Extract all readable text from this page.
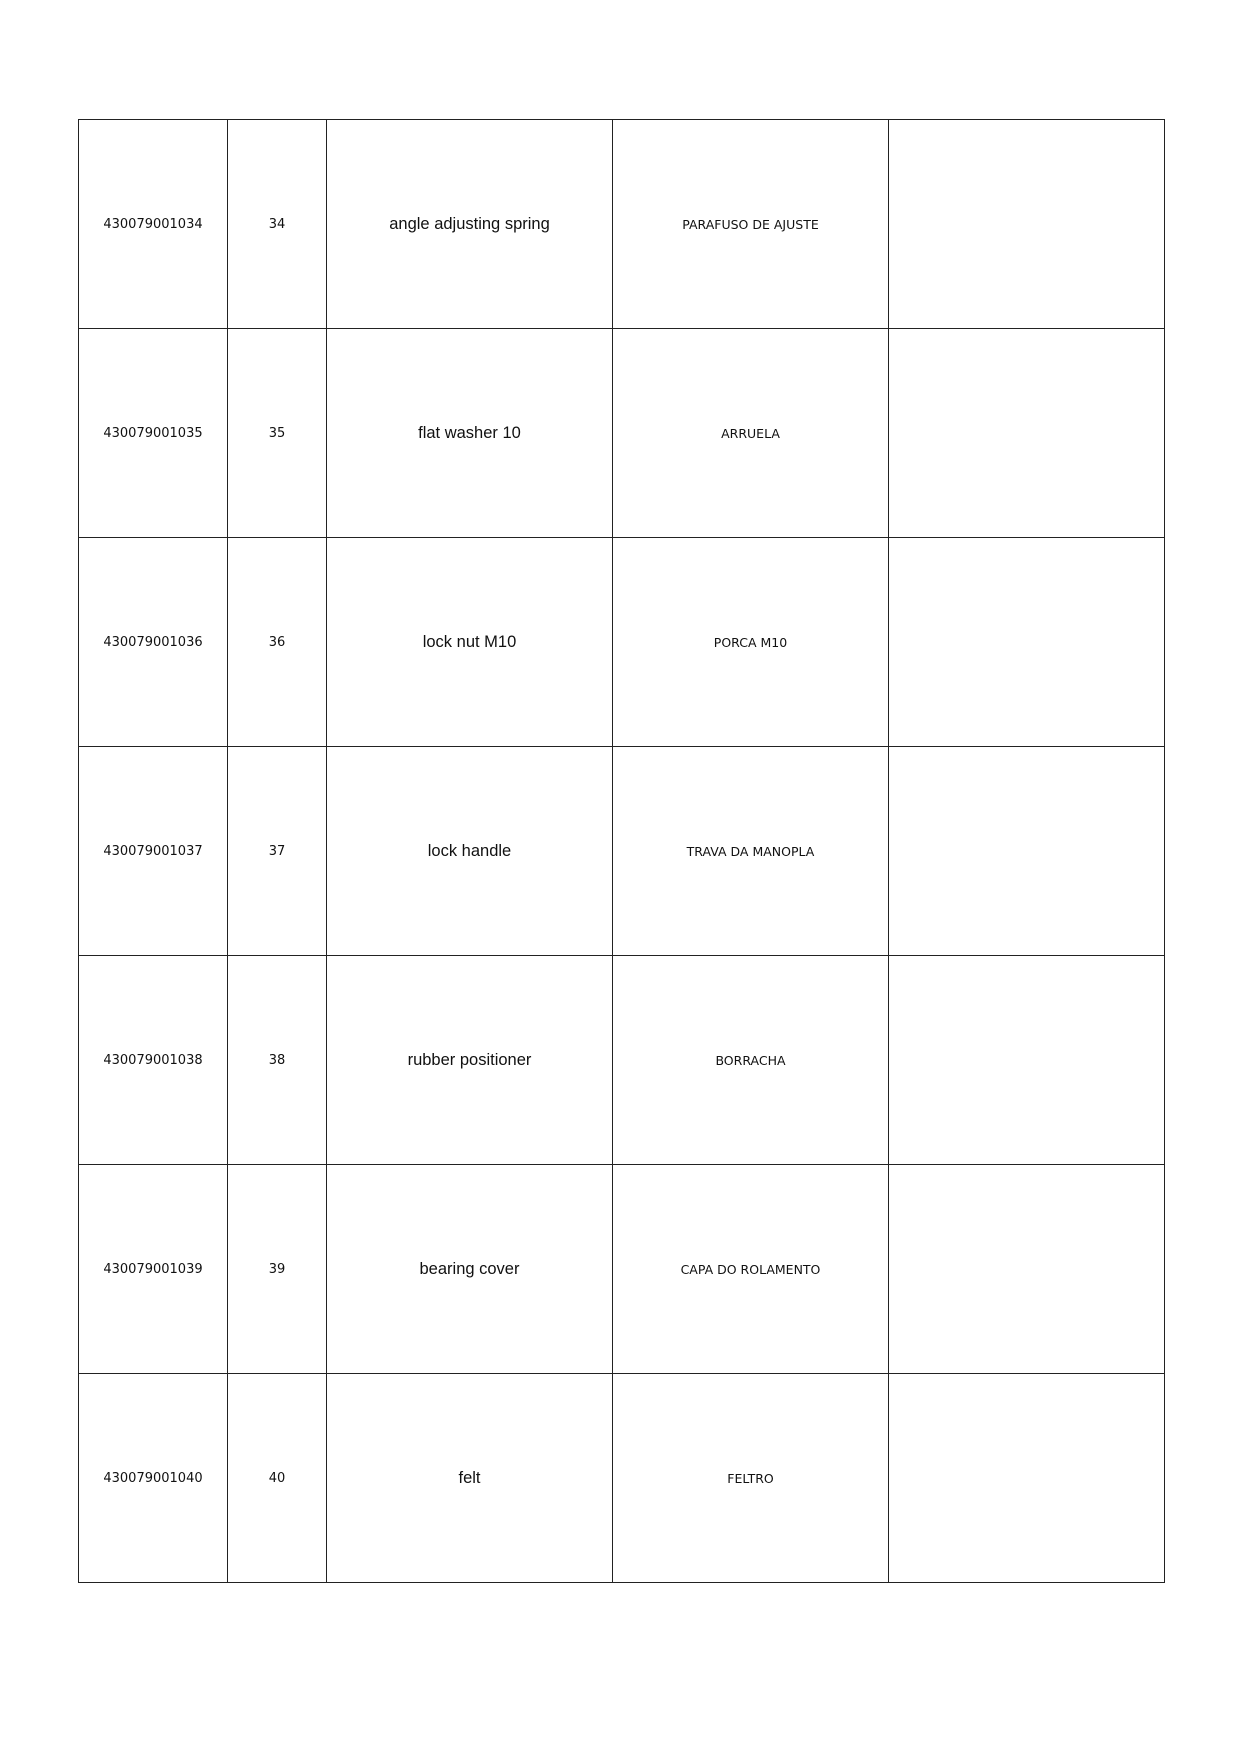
430079001034	34	angle adjusting spring	PARAFUSO DE AJUSTE	
430079001035	35	flat washer 10	ARRUELA	
430079001036	36	lock nut M10	PORCA M10	
430079001037	37	lock handle	TRAVA DA MANOPLA	
430079001038	38	rubber positioner	BORRACHA	
430079001039	39	bearing cover	CAPA DO ROLAMENTO	
430079001040	40	felt	FELTRO	
